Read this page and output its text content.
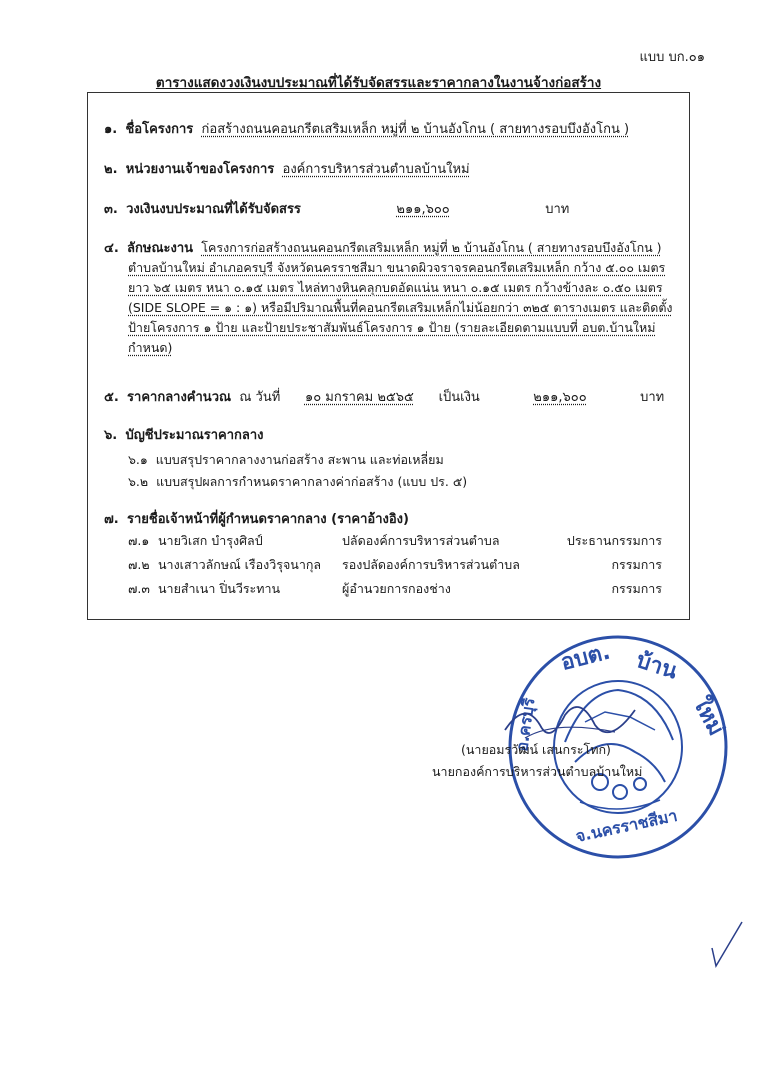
แบบ บก.๐๑
ตารางแสดงวงเงินงบประมาณที่ได้รับจัดสรรและราคากลางในงานจ้างก่อสร้าง
๑. ชื่อโครงการ ก่อสร้างถนนคอนกรีตเสริมเหล็ก หมู่ที่ ๒ บ้านอังโกน ( สายทางรอบบึงอังโกน )
๒. หน่วยงานเจ้าของโครงการ องค์การบริหารส่วนตำบลบ้านใหม่
๓. วงเงินงบประมาณที่ได้รับจัดสรร	๒๑๑,๖๐๐	บาท
๔. ลักษณะงาน โครงการก่อสร้างถนนคอนกรีตเสริมเหล็ก หมู่ที่ ๒ บ้านอังโกน ( สายทางรอบบึงอังโกน )
ตำบลบ้านใหม่ อำเภอครบุรี จังหวัดนครราชสีมา ขนาดผิวจราจรคอนกรีตเสริมเหล็ก กว้าง ๕.๐๐ เมตร
ยาว ๖๕ เมตร หนา ๐.๑๕ เมตร ไหล่ทางหินคลุกบดอัดแน่น หนา ๐.๑๕ เมตร กว้างข้างละ ๐.๕๐ เมตร
(SIDE SLOPE = ๑ : ๑) หรือมีปริมาณพื้นที่คอนกรีตเสริมเหล็กไม่น้อยกว่า ๓๒๕ ตารางเมตร และติดตั้ง
ป้ายโครงการ ๑ ป้าย และป้ายประชาสัมพันธ์โครงการ ๑ ป้าย (รายละเอียดตามแบบที่ อบต.บ้านใหม่
กำหนด)
๕. ราคากลางคำนวณ ณ วันที่ ๑๐ มกราคม ๒๕๖๕ เป็นเงิน	๒๑๑,๖๐๐	บาท
๖. บัญชีประมาณราคากลาง
๖.๑ แบบสรุปราคากลางงานก่อสร้าง สะพาน และท่อเหลี่ยม
๖.๒ แบบสรุปผลการกำหนดราคากลางค่าก่อสร้าง (แบบ ปร. ๕)
๗. รายชื่อเจ้าหน้าที่ผู้กำหนดราคากลาง (ราคาอ้างอิง)
๗.๑ นายวิเสก บำรุงศิลป์	ปลัดองค์การบริหารส่วนตำบล	ประธานกรรมการ
๗.๒ นางเสาวลักษณ์ เรืองวิรุจนากุล รองปลัดองค์การบริหารส่วนตำบล	กรรมการ
๗.๓ นายสำเนา ปิ่นวีระทาน	ผู้อำนวยการกองช่าง	กรรมการ
อบต. บ้าน
ใหม่
อ.ครบุรี
จ.นครราชสีมา
(นายอมรวัฒน์ เสนกระโทก)
นายกองค์การบริหารส่วนตำบลบ้านใหม่
